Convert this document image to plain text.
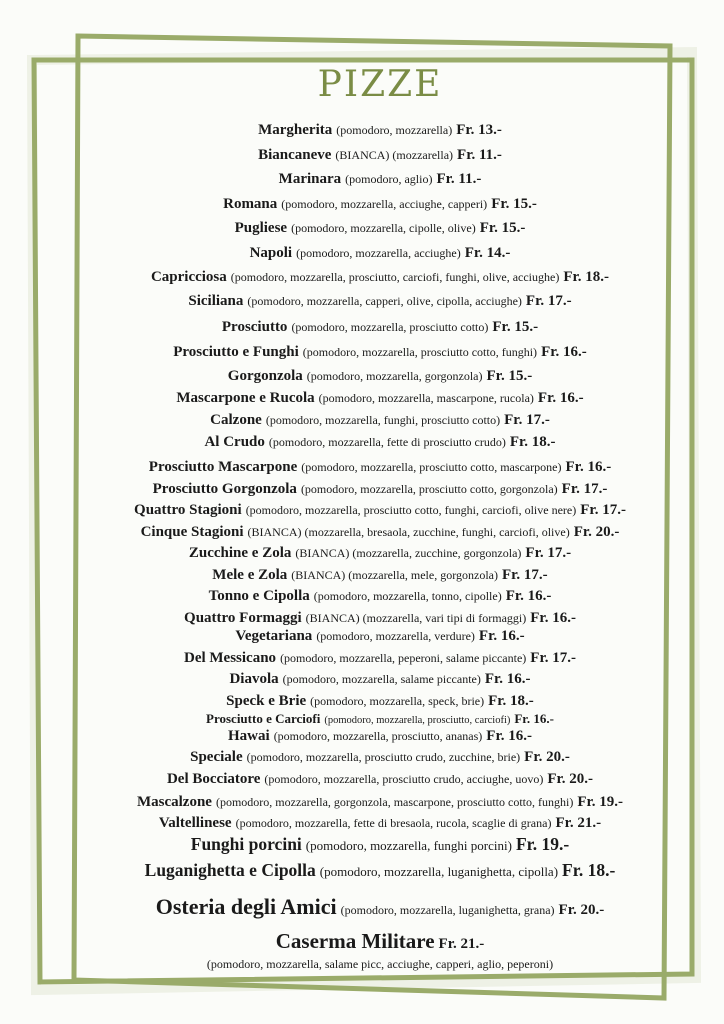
PIZZE
Margherita (pomodoro, mozzarella) Fr. 13.-
Biancaneve (BIANCA) (mozzarella) Fr. 11.-
Marinara (pomodoro, aglio) Fr. 11.-
Romana (pomodoro, mozzarella, acciughe, capperi) Fr. 15.-
Pugliese (pomodoro, mozzarella, cipolle, olive) Fr. 15.-
Napoli (pomodoro, mozzarella, acciughe) Fr. 14.-
Capricciosa (pomodoro, mozzarella, prosciutto, carciofi, funghi, olive, acciughe) Fr. 18.-
Siciliana (pomodoro, mozzarella, capperi, olive, cipolla, acciughe) Fr. 17.-
Prosciutto (pomodoro, mozzarella, prosciutto cotto) Fr. 15.-
Prosciutto e Funghi (pomodoro, mozzarella, prosciutto cotto, funghi) Fr. 16.-
Gorgonzola (pomodoro, mozzarella, gorgonzola) Fr. 15.-
Mascarpone e Rucola (pomodoro, mozzarella, mascarpone, rucola) Fr. 16.-
Calzone (pomodoro, mozzarella, funghi, prosciutto cotto) Fr. 17.-
Al Crudo (pomodoro, mozzarella, fette di prosciutto crudo) Fr. 18.-
Prosciutto Mascarpone (pomodoro, mozzarella, prosciutto cotto, mascarpone) Fr. 16.-
Prosciutto Gorgonzola (pomodoro, mozzarella, prosciutto cotto, gorgonzola) Fr. 17.-
Quattro Stagioni (pomodoro, mozzarella, prosciutto cotto, funghi, carciofi, olive nere) Fr. 17.-
Cinque Stagioni (BIANCA) (mozzarella, bresaola, zucchine, funghi, carciofi, olive) Fr. 20.-
Zucchine e Zola (BIANCA) (mozzarella, zucchine, gorgonzola) Fr. 17.-
Mele e Zola (BIANCA) (mozzarella, mele, gorgonzola) Fr. 17.-
Tonno e Cipolla (pomodoro, mozzarella, tonno, cipolle) Fr. 16.-
Quattro Formaggi (BIANCA) (mozzarella, vari tipi di formaggi) Fr. 16.-
Vegetariana (pomodoro, mozzarella, verdure) Fr. 16.-
Del Messicano (pomodoro, mozzarella, peperoni, salame piccante) Fr. 17.-
Diavola (pomodoro, mozzarella, salame piccante) Fr. 16.-
Speck e Brie (pomodoro, mozzarella, speck, brie) Fr. 18.-
Prosciutto e Carciofi (pomodoro, mozzarella, prosciutto, carciofi) Fr. 16.-
Hawai (pomodoro, mozzarella, prosciutto, ananas) Fr. 16.-
Speciale (pomodoro, mozzarella, prosciutto crudo, zucchine, brie) Fr. 20.-
Del Bocciatore (pomodoro, mozzarella, prosciutto crudo, acciughe, uovo) Fr. 20.-
Mascalzone (pomodoro, mozzarella, gorgonzola, mascarpone, prosciutto cotto, funghi) Fr. 19.-
Valtellinese (pomodoro, mozzarella, fette di bresaola, rucola, scaglie di grana) Fr. 21.-
Funghi porcini (pomodoro, mozzarella, funghi porcini) Fr. 19.-
Luganighetta e Cipolla (pomodoro, mozzarella, luganighetta, cipolla) Fr. 18.-
Osteria degli Amici (pomodoro, mozzarella, luganighetta, grana) Fr. 20.-
Caserma Militare Fr. 21.-
(pomodoro, mozzarella, salame picc, acciughe, capperi, aglio, peperoni)
